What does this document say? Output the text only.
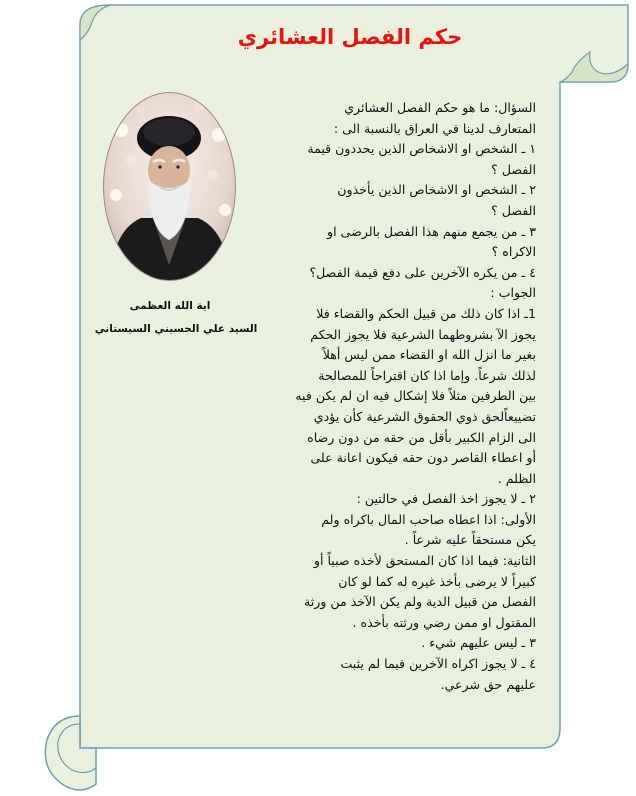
حكم الفصل العشائري

اية الله العظمى

السيد علي الحسيني السيستاني

السؤال: ما هو حكم الفصل العشائري

المتعارف لدينا في العراق بالنسبة الى :

١ ـ الشخص او الاشخاص الذين يحددون قيمة

الفصل ؟

٢ ـ الشخص او الاشخاص الذين يأخذون

الفصل ؟

٣ ـ من يجمع منهم هذا الفصل بالرضى او

الاكراه ؟

٤ ـ من يكره الآخرين على دفع قيمة الفصل؟

الجواب :

1ـ اذا كان ذلك من قبيل الحكم والقضاء فلا

يجوز الآ بشروطهما الشرعية فلا يجوز الحكم

بغير ما انزل الله او القضاء ممن ليس أهلاً

لذلك شرعاً. وإما اذا كان اقتراحاً للمصالحة

بين الطرفين مثلاً فلا إشكال فيه ان لم يكن فيه

تضييعاًلحق ذوي الحقوق الشرعية كأن يؤدي

الى الزام الكبير بأقل من حقه من دون رضاه

أو اعطاء القاصر دون حقه فيكون اعانة على

الظلم .

٢ ـ لا يجوز اخذ الفصل في حالتين :

الأولى: اذا اعطاه صاحب المال باكراه ولم

يكن مستحقاً عليه شرعاً .

الثانية: فيما اذا كان المستحق لأخذه صبياً أو

كبيراً لا يرضى بأخذ غيره له كما لو كان

الفصل من قبيل الدية ولم يكن الآخذ من ورثة

المقتول او ممن رضي ورثته بأخذه .

٣ ـ ليس عليهم شيء .

٤ ـ لا يجوز اكراه الآخرين فيما لم يثبت

عليهم حق شرعي.
